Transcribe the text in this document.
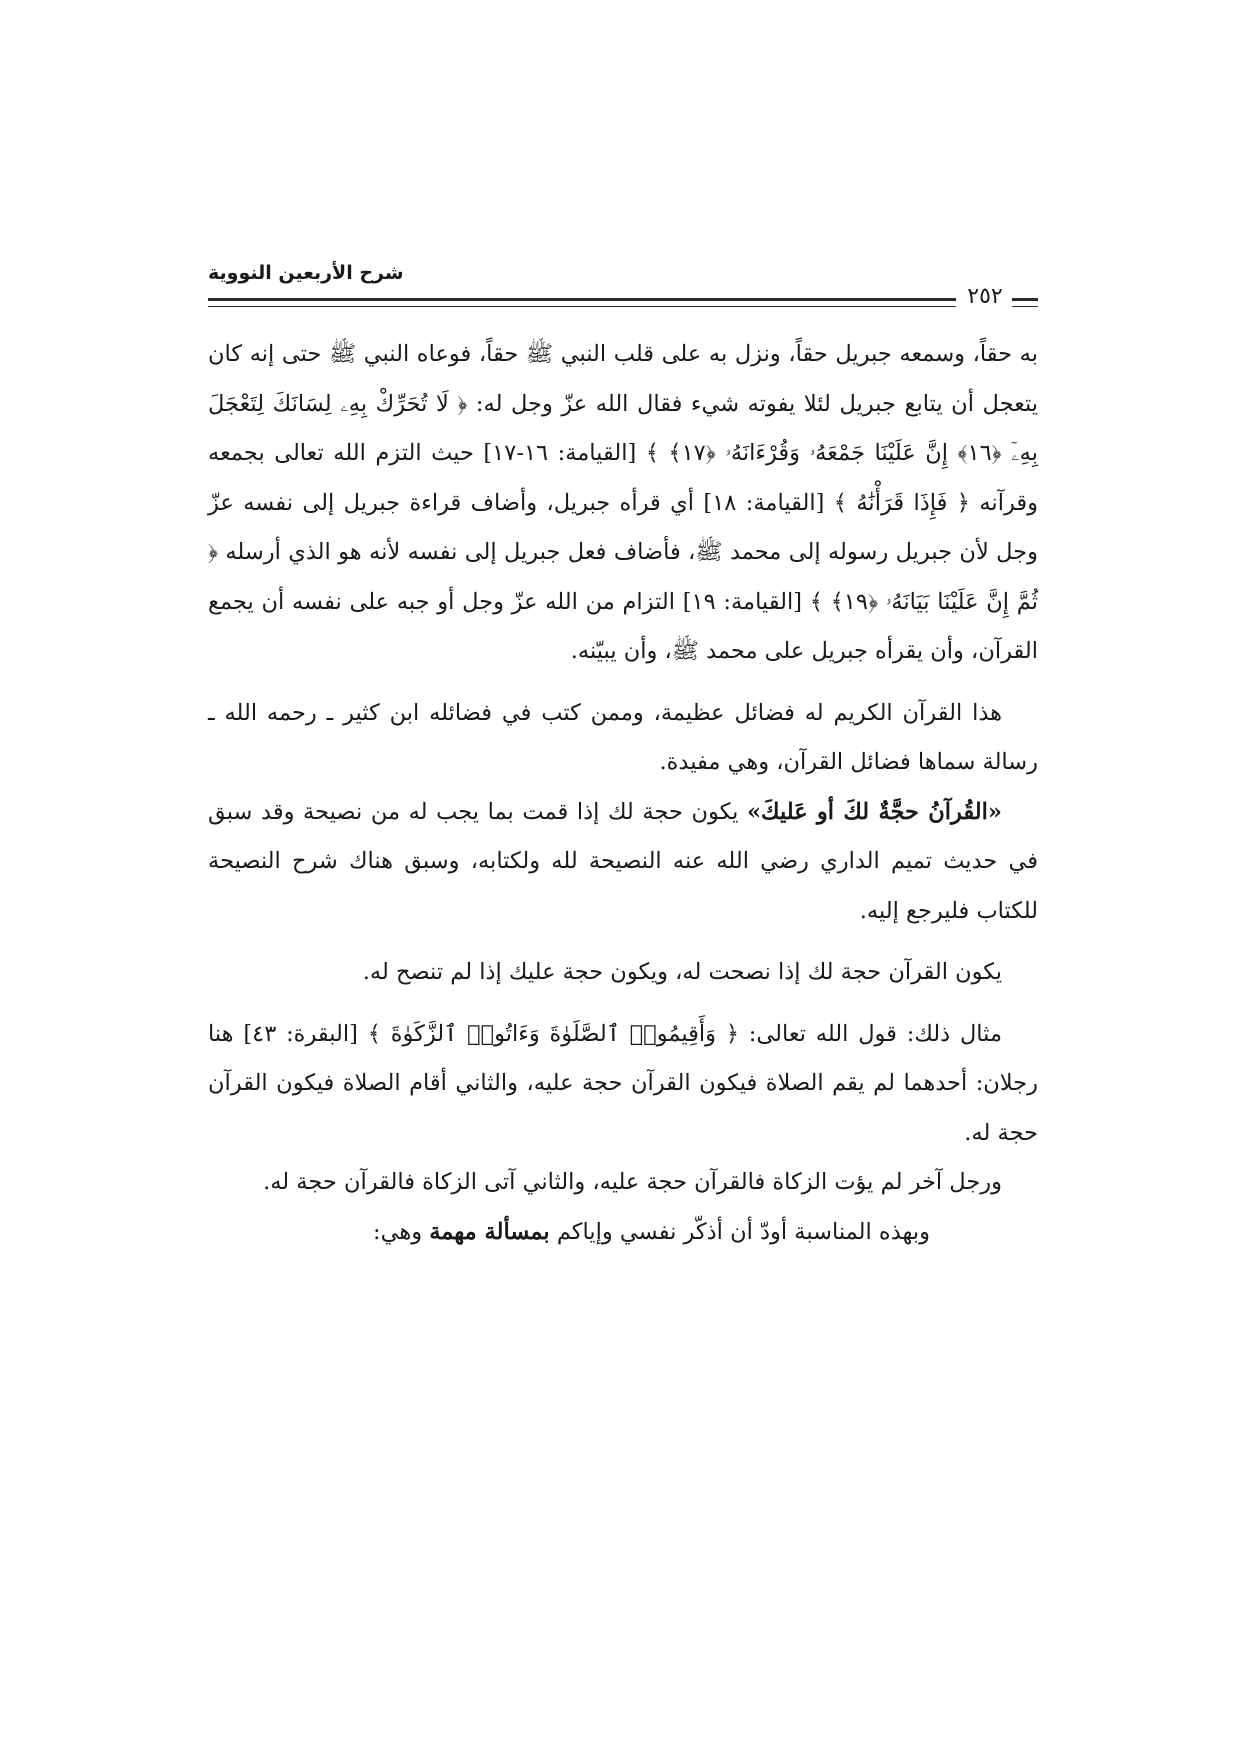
شرح الأربعين النووية
٢٥٢

به حقاً، وسمعه جبريل حقاً، ونزل به على قلب النبي ﷺ حقاً، فوعاه النبي ﷺ حتى إنه كان يتعجل أن يتابع جبريل لئلا يفوته شيء فقال الله عزّ وجل له: ﴿ لَا تُحَرِّكْ بِهِۦ لِسَانَكَ لِتَعْجَلَ بِهِۦٓ ﴿١٦﴾ إِنَّ عَلَيْنَا جَمْعَهُۥ وَقُرْءَانَهُۥ ﴿١٧﴾ ﴾ [القيامة: ١٦-١٧] حيث التزم الله تعالى بجمعه وقرآنه ﴿ فَإِذَا قَرَأْنَٰهُ ﴾ [القيامة: ١٨] أي قرأه جبريل، وأضاف قراءة جبريل إلى نفسه عزّ وجل لأن جبريل رسوله إلى محمد ﷺ، فأضاف فعل جبريل إلى نفسه لأنه هو الذي أرسله ﴿ ثُمَّ إِنَّ عَلَيْنَا بَيَانَهُۥ ﴿١٩﴾ ﴾ [القيامة: ١٩] التزام من الله عزّ وجل أو جبه على نفسه أن يجمع القرآن، وأن يقرأه جبريل على محمد ﷺ، وأن يبيّنه.

هذا القرآن الكريم له فضائل عظيمة، وممن كتب في فضائله ابن كثير ـ رحمه الله ـ رسالة سماها فضائل القرآن، وهي مفيدة.

«القُرآنُ حجَّةٌ لكَ أو عَليكَ» يكون حجة لك إذا قمت بما يجب له من نصيحة وقد سبق في حديث تميم الداري رضي الله عنه النصيحة لله ولكتابه، وسبق هناك شرح النصيحة للكتاب فليرجع إليه.

يكون القرآن حجة لك إذا نصحت له، ويكون حجة عليك إذا لم تنصح له.

مثال ذلك: قول الله تعالى: ﴿ وَأَقِيمُوا۟ ٱلصَّلَوٰةَ وَءَاتُوا۟ ٱلزَّكَوٰةَ ﴾ [البقرة: ٤٣] هنا رجلان: أحدهما لم يقم الصلاة فيكون القرآن حجة عليه، والثاني أقام الصلاة فيكون القرآن حجة له.

ورجل آخر لم يؤت الزكاة فالقرآن حجة عليه، والثاني آتى الزكاة فالقرآن حجة له.

وبهذه المناسبة أودّ أن أذكّر نفسي وإياكم بمسألة مهمة وهي:
